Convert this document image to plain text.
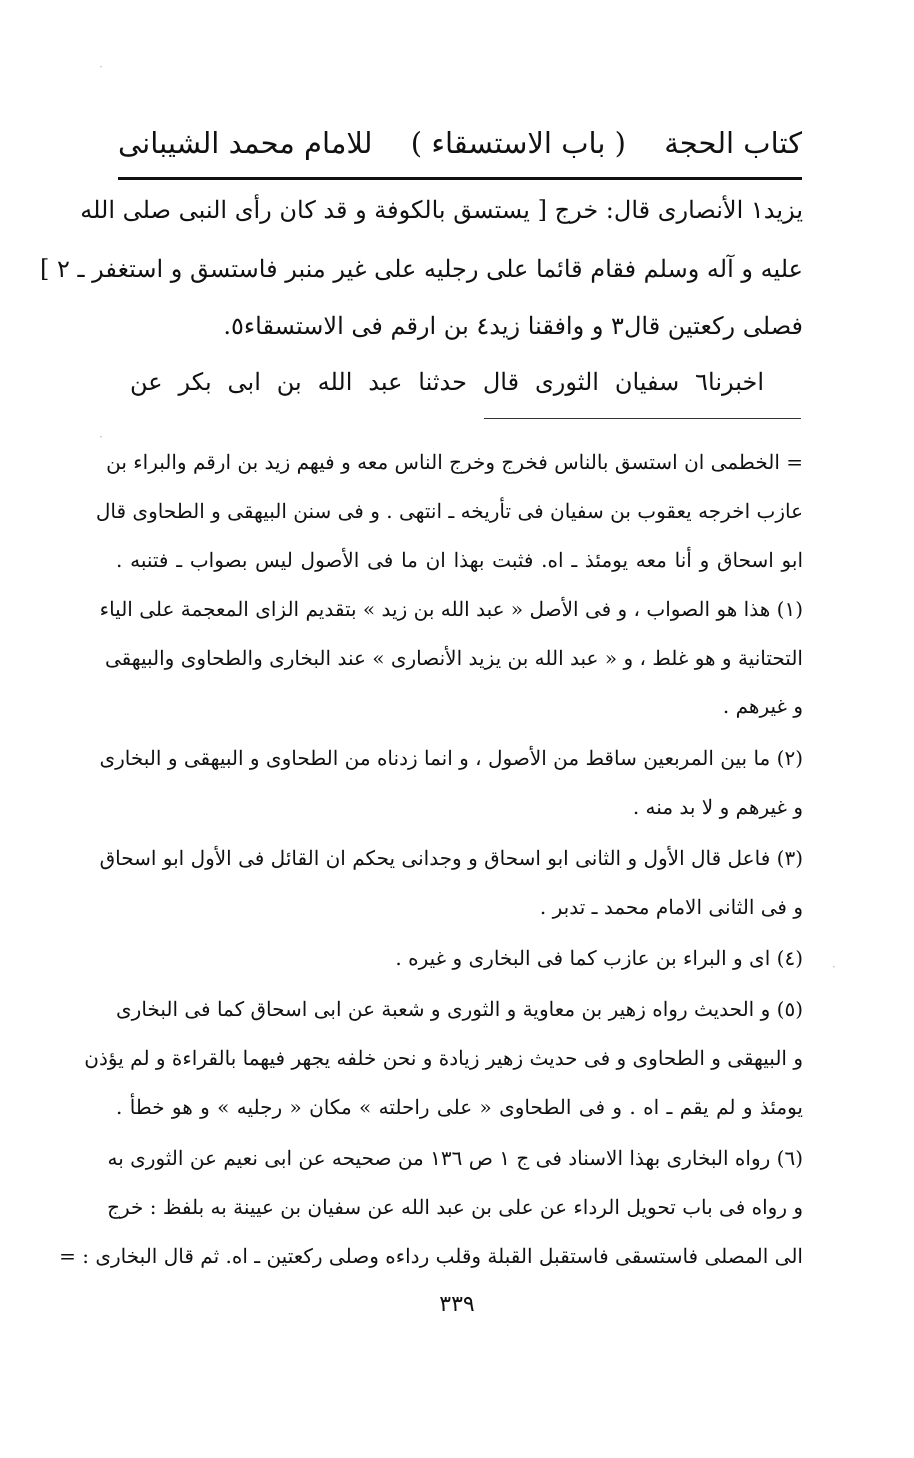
كتاب الحجة
( باب الاستسقاء )
للامام محمد الشيبانى
يزيد١ الأنصارى قال: خرج [ يستسق بالكوفة و قد كان رأى النبى صلى الله
عليه و آله وسلم فقام قائما على رجليه على غير منبر فاستسق و استغفر ـ ٢ ]
فصلى ركعتين قال٣ و وافقنا زيد٤ بن ارقم فى الاستسقاء٥.
اخبرنا٦ سفيان الثورى قال حدثنا عبد الله بن ابى بكر عن
= الخطمى ان استسق بالناس فخرج وخرج الناس معه و فيهم زيد بن ارقم والبراء بن
عازب اخرجه يعقوب بن سفيان فى تأريخه ـ انتهى . و فى سنن البيهقى و الطحاوى قال
ابو اسحاق و أنا معه يومئذ ـ اه. فثبت بهذا ان ما فى الأصول ليس بصواب ـ فتنبه .
(١) هذا هو الصواب ، و فى الأصل « عبد الله بن زيد » بتقديم الزاى المعجمة على الياء
التحتانية و هو غلط ، و « عبد الله بن يزيد الأنصارى » عند البخارى والطحاوى والبيهقى
و غيرهم .
(٢) ما بين المربعين ساقط من الأصول ، و انما زدناه من الطحاوى و البيهقى و البخارى
و غيرهم و لا بد منه .
(٣) فاعل قال الأول و الثانى ابو اسحاق و وجدانى يحكم ان القائل فى الأول ابو اسحاق
و فى الثانى الامام محمد ـ تدبر .
(٤) اى و البراء بن عازب كما فى البخارى و غيره .
(٥) و الحديث رواه زهير بن معاوية و الثورى و شعبة عن ابى اسحاق كما فى البخارى
و البيهقى و الطحاوى و فى حديث زهير زيادة و نحن خلفه يجهر فيهما بالقراءة و لم يؤذن
يومئذ و لم يقم ـ اه . و فى الطحاوى « على راحلته » مكان « رجليه » و هو خطأ .
(٦) رواه البخارى بهذا الاسناد فى ج ١ ص ١٣٦ من صحيحه عن ابى نعيم عن الثورى به
و رواه فى باب تحويل الرداء عن على بن عبد الله عن سفيان بن عيينة به بلفظ : خرج
الى المصلى فاستسقى فاستقبل القبلة وقلب رداءه وصلى ركعتين ـ اه. ثم قال البخارى : =
٣٣٩
·
·
·
